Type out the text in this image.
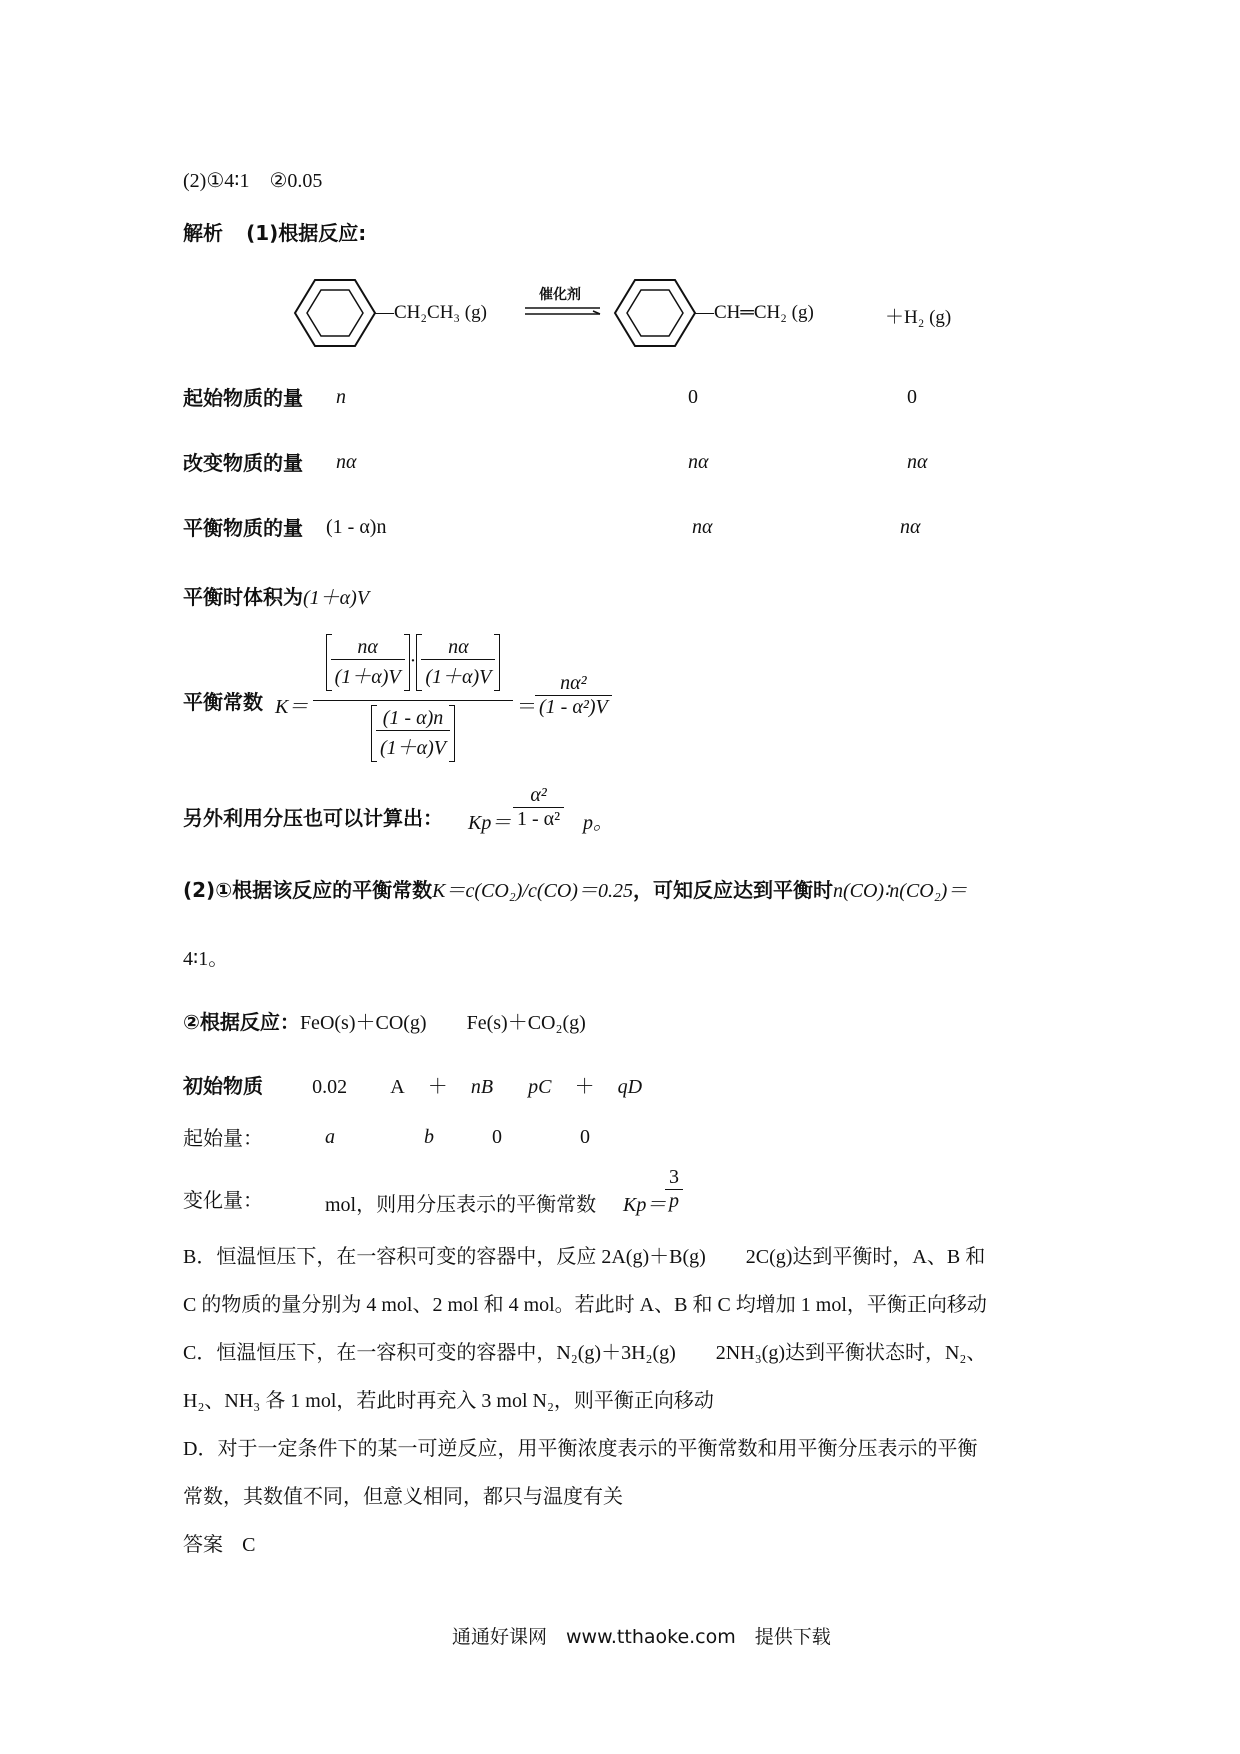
(2)①4∶1　②0.05
解析 (1)根据反应:
—CH₂CH₃ (g)
催化剂
—CH═CH₂ (g)	＋H₂ (g)
起始物质的量 n	0	0
改变物质的量 nα	nα	nα
平衡物质的量 (1 - α)n	nα	nα
平衡时体积为(1＋α)V
平衡常数 $K= \frac{\frac{n\alpha}{(1+\alpha)V} \cdot \frac{n\alpha}{(1+\alpha)V}}{\frac{(1 - \alpha)n}{(1+\alpha)V}}$ ＝
$\frac{\text{nα²}}{\text{(1 - α²)V}}$
另外利用分压也可以计算出： $Kp= \frac{\text{α²}}{\text{1 - α²}}$ p。
(2)①根据该反应的平衡常数K＝c(CO₂)/c(CO)＝0.25，可知反应达到平衡时n(CO)∶n(CO₂)＝
4∶1。
②根据反应：FeO(s)＋CO(g) Fe(s)＋CO₂(g)
初始物质 0.02 A ＋ nB pC ＋ qD
起始量：	a	b	0	0
变化量：	mol，则用分压表示的平衡常数 Kp＝
$\frac{3}{p}$
B．恒温恒压下，在一容积可变的容器中，反应 2A(g)＋B(g)　　2C(g)达到平衡时，A、B 和
C 的物质的量分别为 4 mol、2 mol 和 4 mol。若此时 A、B 和 C 均增加 1 mol，平衡正向移动
C．恒温恒压下，在一容积可变的容器中，N₂(g)＋3H₂(g)　　2NH₃(g)达到平衡状态时，N₂、
H₂、NH₃ 各 1 mol，若此时再充入 3 mol N₂，则平衡正向移动
D．对于一定条件下的某一可逆反应，用平衡浓度表示的平衡常数和用平衡分压表示的平衡
常数，其数值不同，但意义相同，都只与温度有关
答案 C
通通好课网　www.tthaoke.com　提供下载
